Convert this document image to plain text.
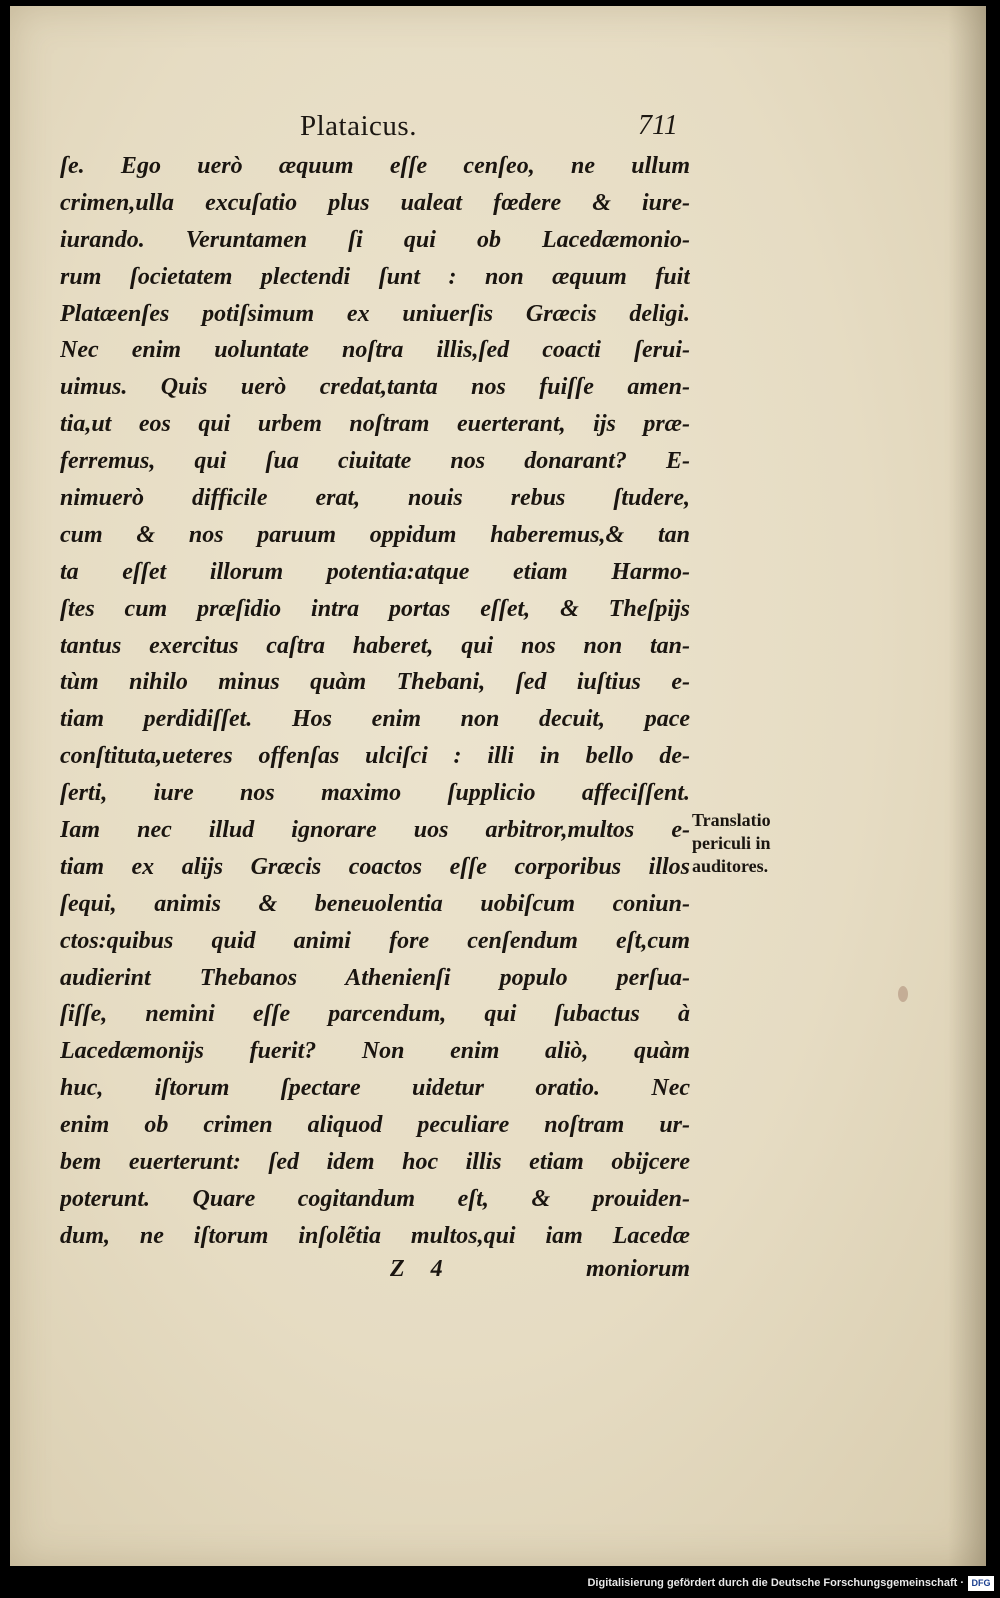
Plataicus.	711
ſe. Ego uerò æquum eſſe cenſeo, ne ullum
crimen,ulla excuſatio plus ualeat fœdere & iure-
iurando. Veruntamen ſi qui ob Lacedæmonio-
rum ſocietatem plectendi ſunt : non æquum fuit
Platæenſes potiſsimum ex uniuerſis Græcis deligi.
Nec enim uoluntate noſtra illis,ſed coacti ſerui-
uimus. Quis uerò credat,tanta nos fuiſſe amen-
tia,ut eos qui urbem noſtram euerterant, ijs præ-
ferremus, qui ſua ciuitate nos donarant? E-
nimuerò difficile erat, nouis rebus ſtudere,
cum & nos paruum oppidum haberemus,& tan
ta eſſet illorum potentia:atque etiam Harmo-
ſtes cum præſidio intra portas eſſet, & Theſpijs
tantus exercitus caſtra haberet, qui nos non tan-
tùm nihilo minus quàm Thebani, ſed iuſtius e-
tiam perdidiſſet. Hos enim non decuit, pace
conſtituta,ueteres offenſas ulciſci : illi in bello de-
ſerti, iure nos maximo ſupplicio affeciſſent.
Iam nec illud ignorare uos arbitror,multos e-
tiam ex alijs Græcis coactos eſſe corporibus illos
ſequi, animis & beneuolentia uobiſcum coniun-
ctos:quibus quid animi fore cenſendum eſt,cum
audierint Thebanos Athenienſi populo perſua-
ſiſſe, nemini eſſe parcendum, qui ſubactus à
Lacedæmonijs fuerit? Non enim aliò, quàm
huc, iſtorum ſpectare uidetur oratio. Nec
enim ob crimen aliquod peculiare noſtram ur-
bem euerterunt: ſed idem hoc illis etiam obijcere
poterunt. Quare cogitandum eſt, & prouiden-
dum, ne iſtorum inſolẽtia multos,qui iam Lacedæ
Translatio
periculi in
auditores.
Z 4	moniorum
Digitalisierung gefördert durch die Deutsche Forschungsgemeinschaft · DFG
